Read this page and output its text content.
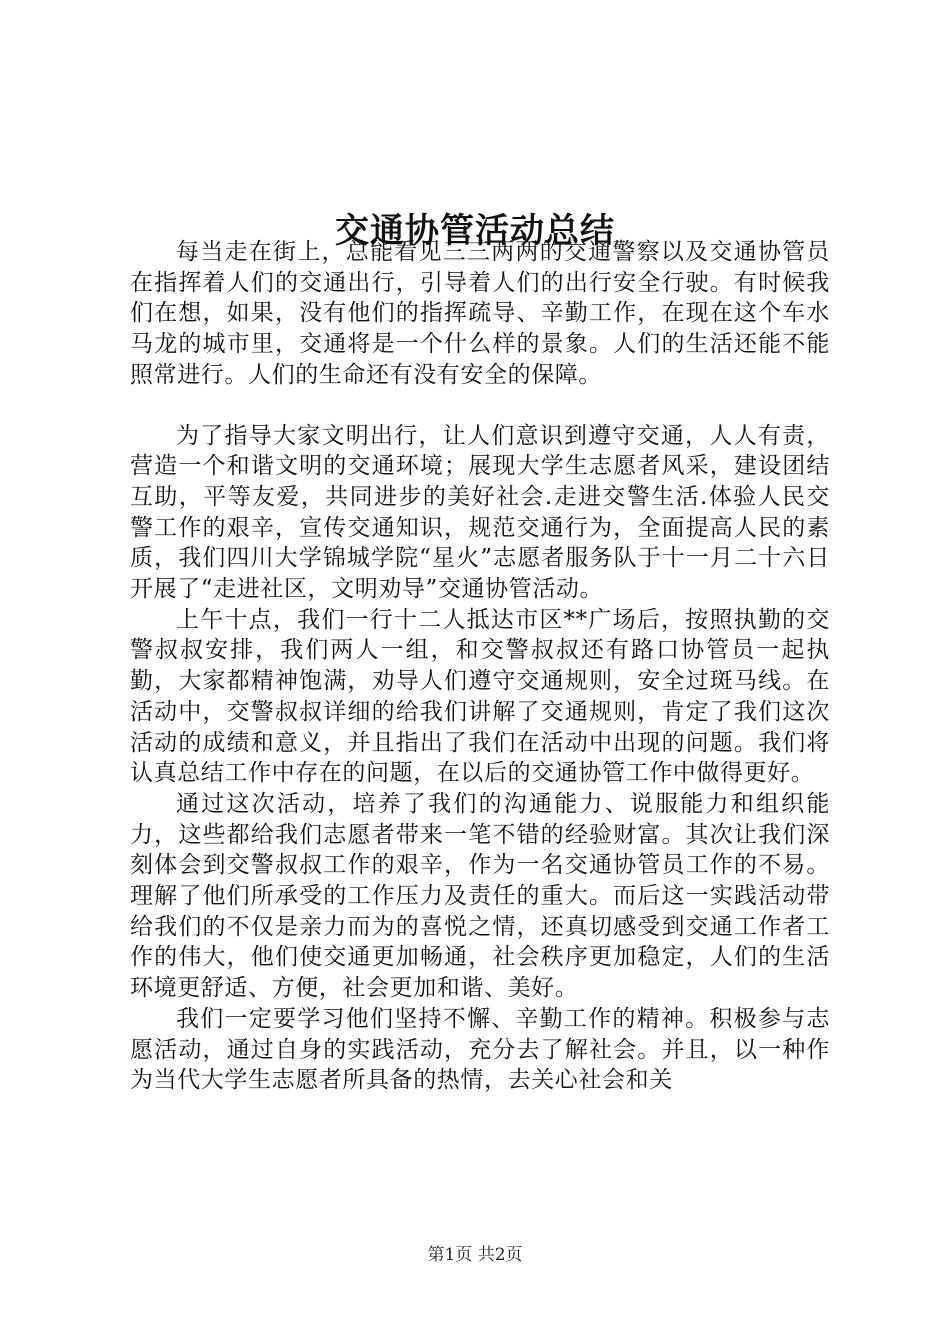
交通协管活动总结

每当走在街上，总能看见三三两两的交通警察以及交通协管员在指挥着人们的交通出行，引导着人们的出行安全行驶。有时候我们在想，如果，没有他们的指挥疏导、辛勤工作，在现在这个车水马龙的城市里，交通将是一个什么样的景象。人们的生活还能不能照常进行。人们的生命还有没有安全的保障。

为了指导大家文明出行，让人们意识到遵守交通，人人有责，营造一个和谐文明的交通环境；展现大学生志愿者风采，建设团结互助，平等友爱，共同进步的美好社会.走进交警生活.体验人民交警工作的艰辛，宣传交通知识，规范交通行为，全面提高人民的素质，我们四川大学锦城学院“星火”志愿者服务队于十一月二十六日开展了“走进社区，文明劝导”交通协管活动。

上午十点，我们一行十二人抵达市区**广场后，按照执勤的交警叔叔安排，我们两人一组，和交警叔叔还有路口协管员一起执勤，大家都精神饱满，劝导人们遵守交通规则，安全过斑马线。在活动中，交警叔叔详细的给我们讲解了交通规则，肯定了我们这次活动的成绩和意义，并且指出了我们在活动中出现的问题。我们将认真总结工作中存在的问题，在以后的交通协管工作中做得更好。

通过这次活动，培养了我们的沟通能力、说服能力和组织能力，这些都给我们志愿者带来一笔不错的经验财富。其次让我们深刻体会到交警叔叔工作的艰辛，作为一名交通协管员工作的不易。理解了他们所承受的工作压力及责任的重大。而后这一实践活动带给我们的不仅是亲力而为的喜悦之情，还真切感受到交通工作者工作的伟大，他们使交通更加畅通，社会秩序更加稳定，人们的生活环境更舒适、方便，社会更加和谐、美好。

我们一定要学习他们坚持不懈、辛勤工作的精神。积极参与志愿活动，通过自身的实践活动，充分去了解社会。并且，以一种作为当代大学生志愿者所具备的热情，去关心社会和关

第1页 共2页
